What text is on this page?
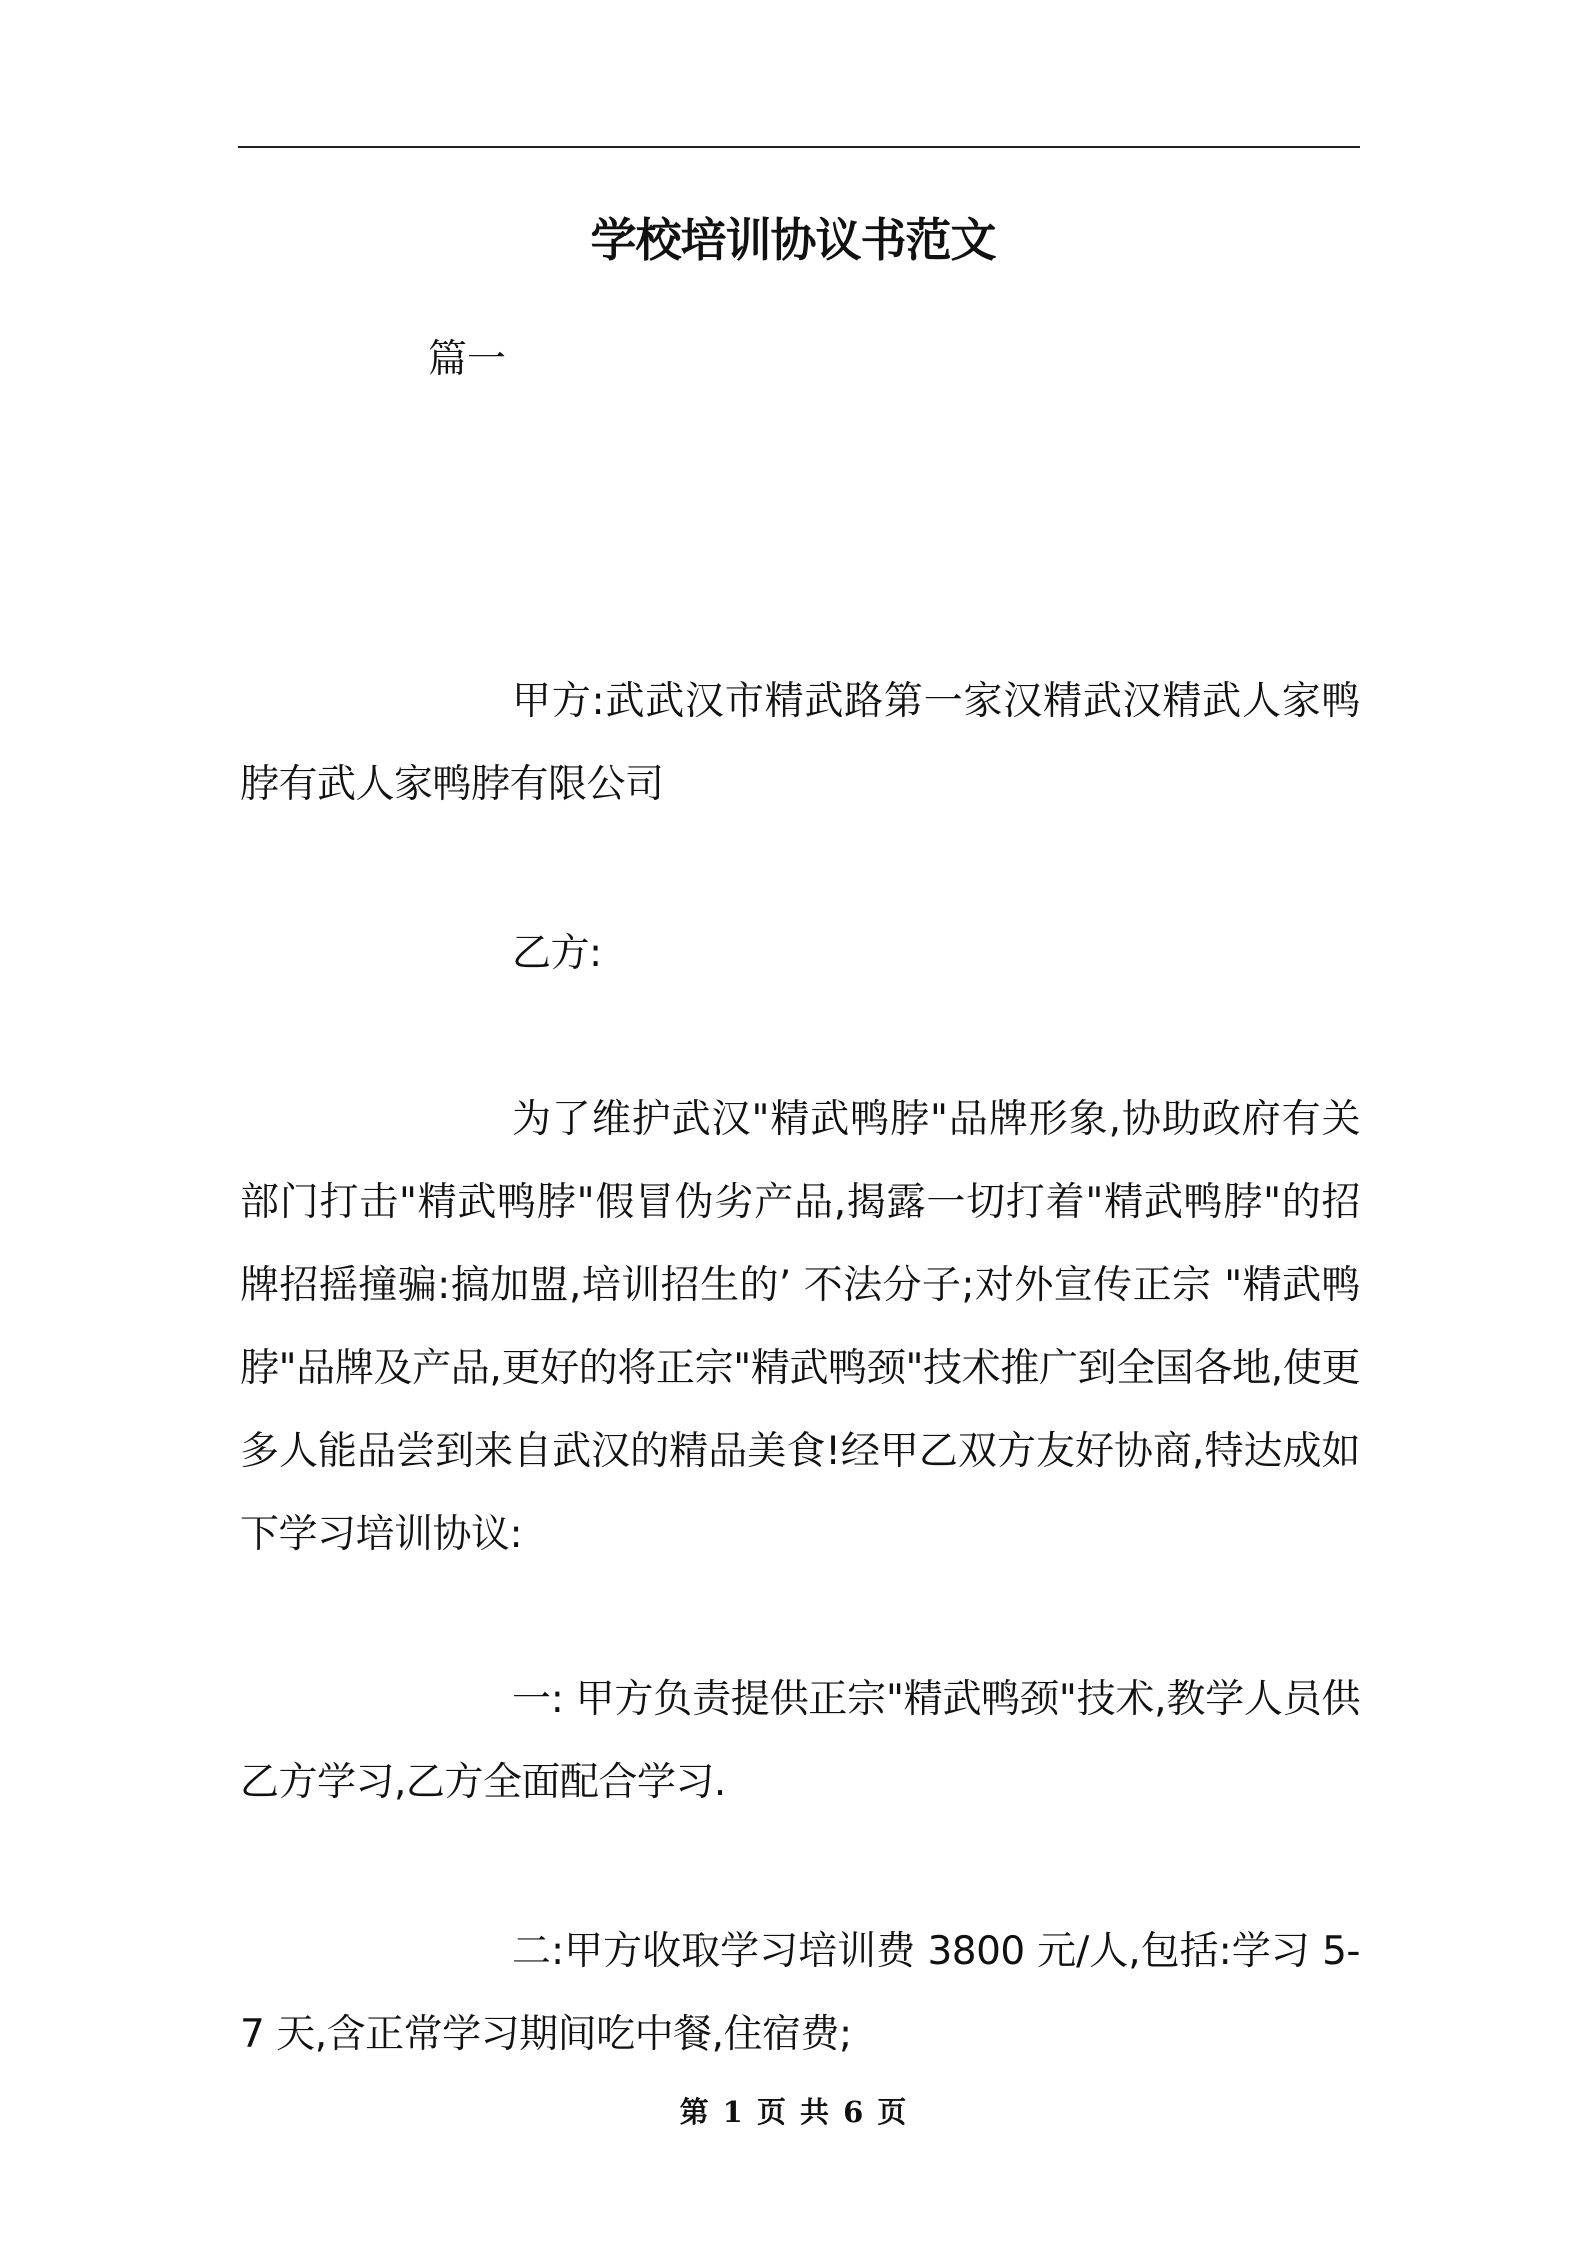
学校培训协议书范文
篇一

甲方:武武汉市精武路第一家汉精武汉精武人家鸭脖有武人家鸭脖有限公司

乙方:

为了维护武汉"精武鸭脖"品牌形象,协助政府有关部门打击"精武鸭脖"假冒伪劣产品,揭露一切打着"精武鸭脖"的招牌招摇撞骗:搞加盟,培训招生的’ 不法分子;对外宣传正宗 "精武鸭脖"品牌及产品,更好的将正宗"精武鸭颈"技术推广到全国各地,使更多人能品尝到来自武汉的精品美食!经甲乙双方友好协商,特达成如下学习培训协议:

一: 甲方负责提供正宗"精武鸭颈"技术,教学人员供乙方学习,乙方全面配合学习.

二:甲方收取学习培训费 3800 元/人,包括:学习 5-7 天,含正常学习期间吃中餐,住宿费;

第 1 页 共 6 页
